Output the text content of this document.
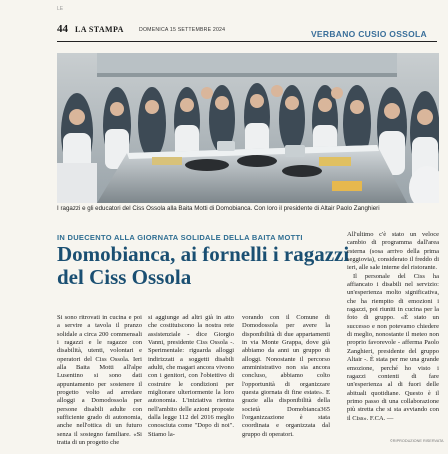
LE
44 LA STAMPA	DOMENICA 15 SETTEMBRE 2024	VERBANO CUSIO OSSOLA
I ragazzi e gli educatori del Ciss Ossola alla Baita Motti di Domobianca. Con loro il presidente di Altair Paolo Zanghieri
IN DUECENTO ALLA GIORNATA SOLIDALE DELLA BAITA MOTTI
Domobianca, ai fornelli i ragazzi del Ciss Ossola

Si sono ritrovati in cucina e poi a servire a tavola il pranzo solidale a circa 200 commensali i ragazzi e le ragazze con disabilità, utenti, volontari e operatori del Ciss Ossola. Ieri alla Baita Motti all'alpe Lusentino si sono dati appuntamento per sostenere il progetto volto ad arredare alloggi a Domodossola per persone disabili adulte con sufficiente grado di autonomia, anche nell'ottica di un futuro senza il sostegno familiare. «Si tratta di un progetto che

si aggiunge ad altri già in atto che costituiscono la nostra rete assistenziale - dice Giorgio Vanni, presidente Ciss Ossola -. Sperimentale: riguarda alloggi indirizzati a soggetti disabili adulti, che magari ancora vivono con i genitori, con l'obiettivo di costruire le condizioni per migliorare ulteriormente la loro autonomia. L'iniziativa rientra nell'ambito delle azioni proposte dalla legge 112 del 2016 meglio conosciuta come "Dopo di noi". Stiamo la-

vorando con il Comune di Domodossola per avere la disponibilità di due appartamenti in via Monte Grappa, dove già abbiamo da anni un gruppo di alloggi. Nonostante il percorso amministrativo non sia ancora concluso, abbiamo colto l'opportunità di organizzare questa giornata di fine estate». E grazie alla disponibilità della società Domobianca365 l'organizzazione è stata coordinata e organizzata dal gruppo di operatori.

All'ultimo c'è stato un veloce cambio di programma dall'area esterna (sosa arrivo della prima seggiovia), considerato il freddo di ieri, alle sale interne del ristorante.

Il personale del Ciss ha affiancato i disabili nel servizio: un'esperienza molto significativa, che ha riempito di emozioni i ragazzi, poi riuniti in cucina per la foto di gruppo. «È stato un successo e non potevamo chiedere di meglio, nonostante il meteo non proprio favorevole - afferma Paolo Zanghieri, presidente del gruppo Altair -. È stata per me una grande emozione, perché ho visto i ragazzi contenti di fare un'esperienza al di fuori delle abituali quotidiane. Questo è il primo passo di una collaborazione più stretta che si sta avviando con il Ciss». F.CA. —

©RIPRODUZIONE RISERVATA
